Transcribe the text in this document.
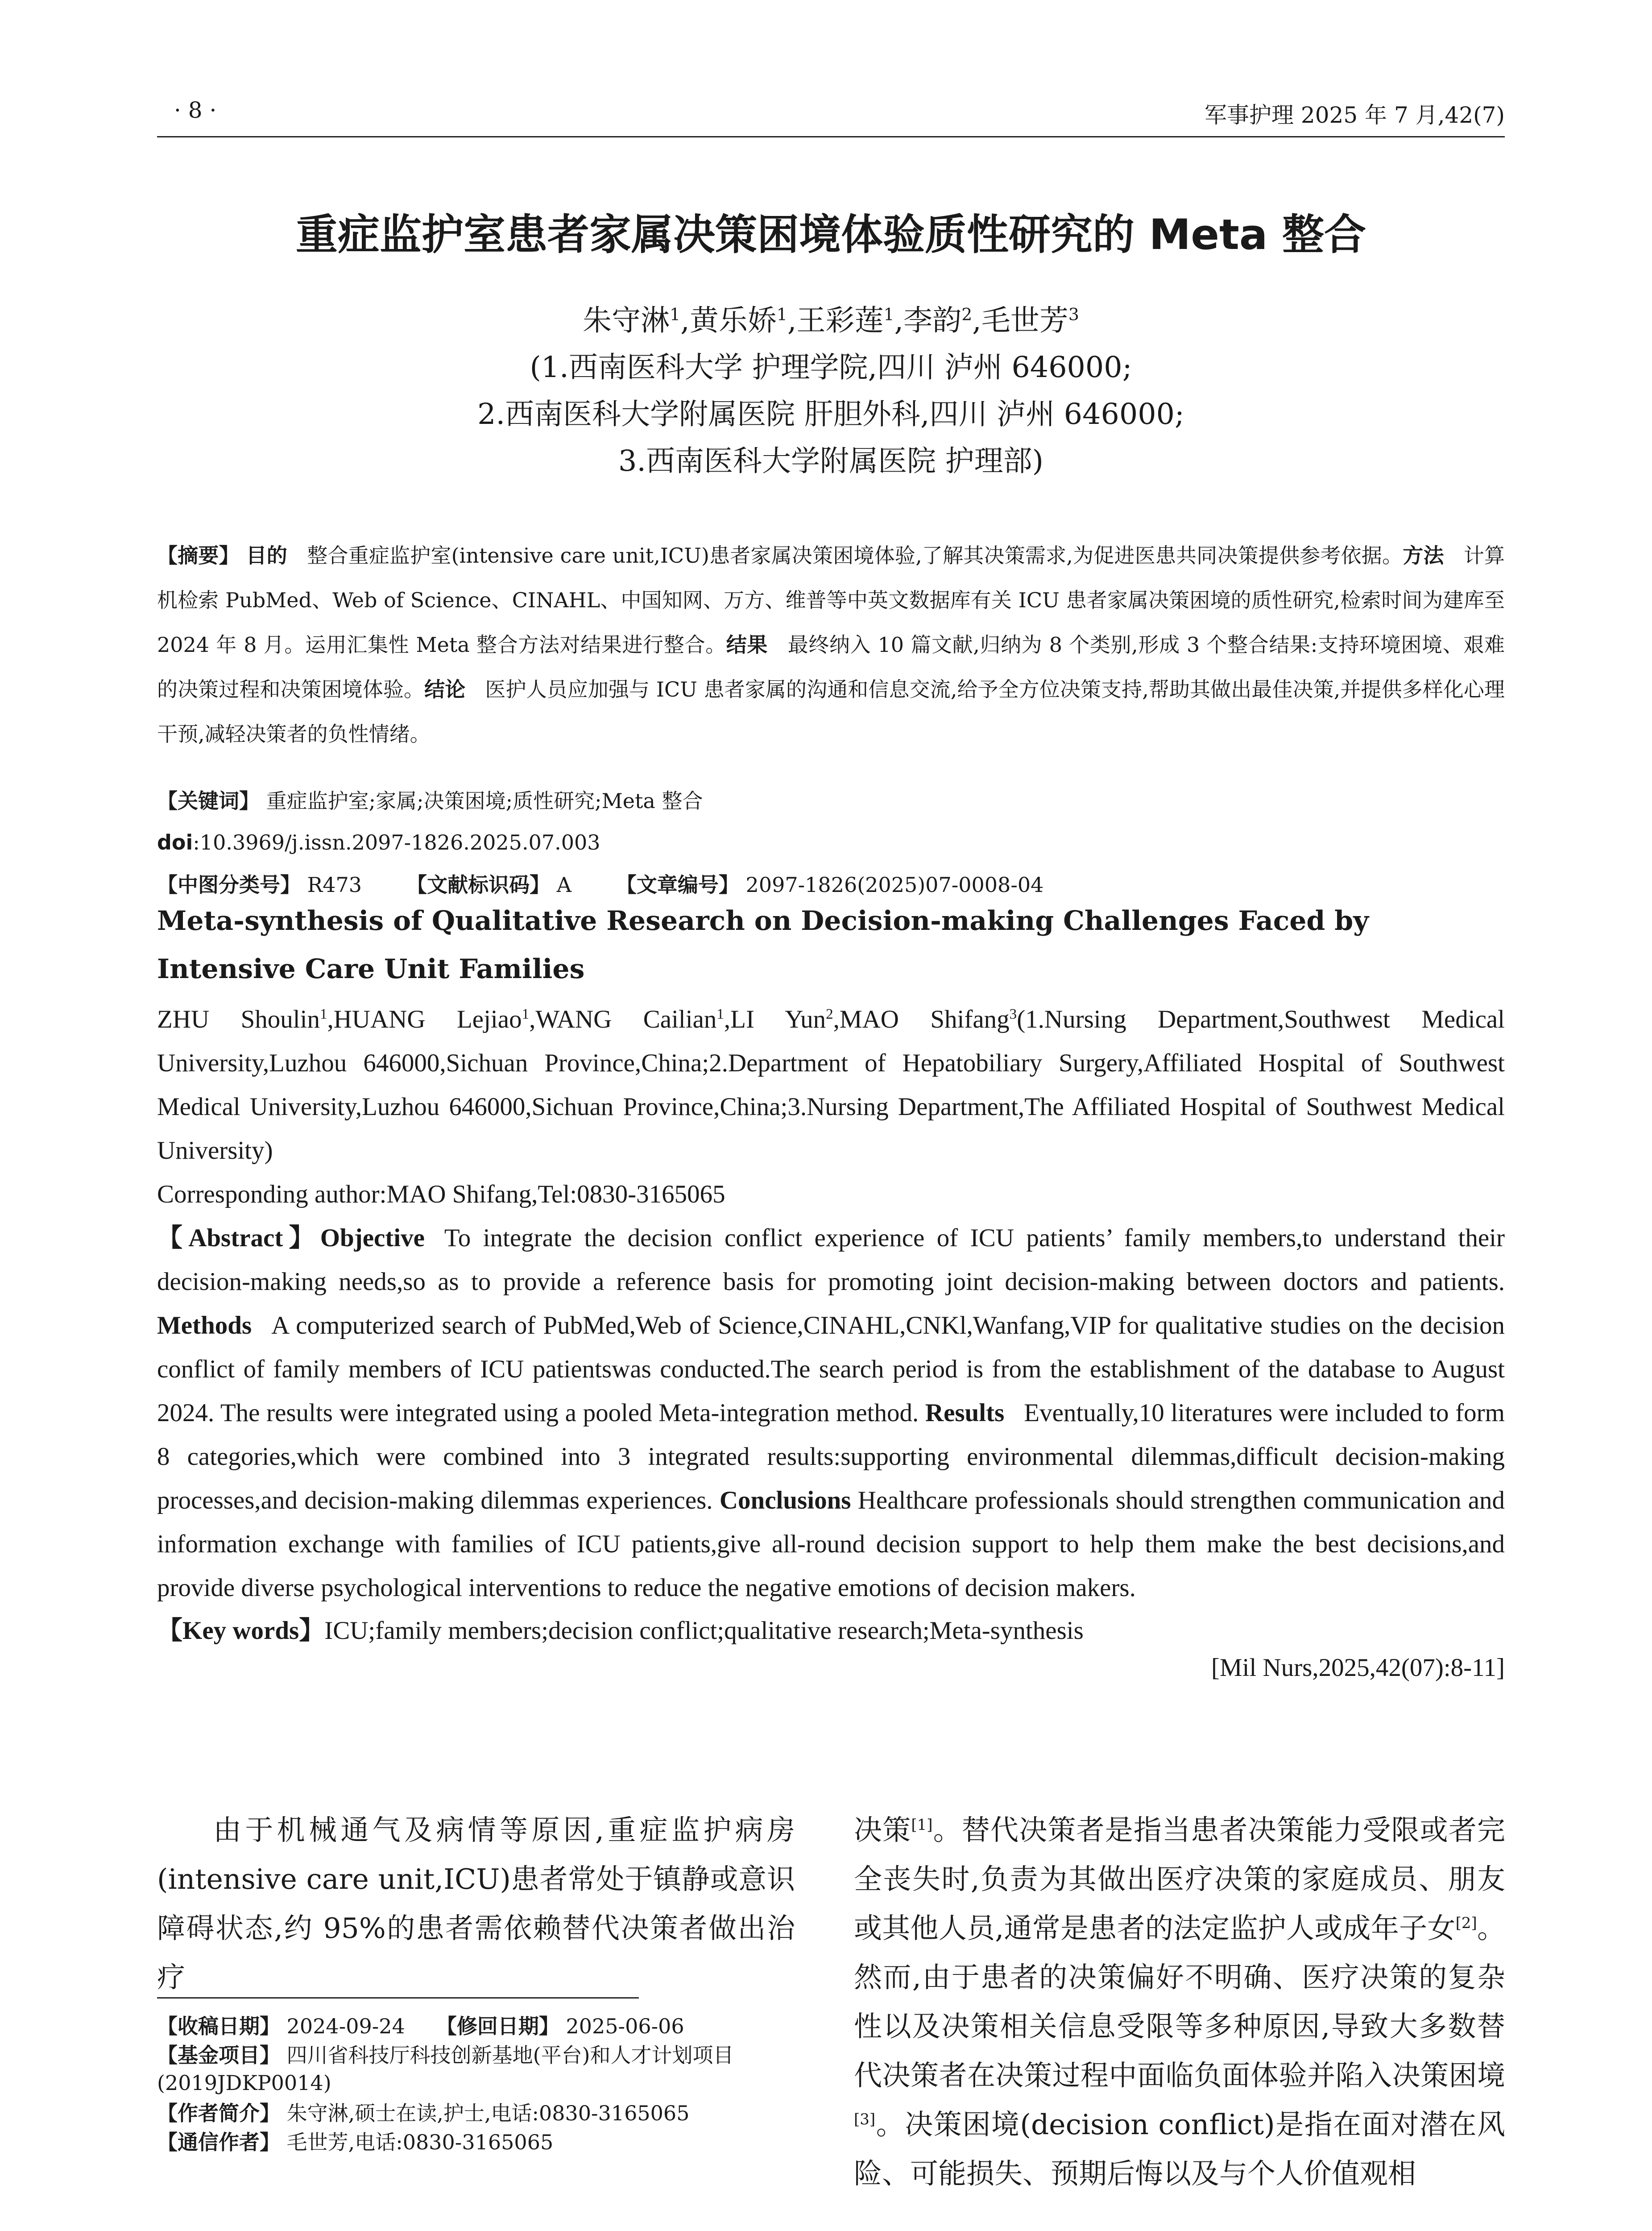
· 8 ·	军事护理 2025 年 7 月,42(7)
重症监护室患者家属决策困境体验质性研究的 Meta 整合
朱守淋$^1$,黄乐娇$^1$,王彩莲$^1$,李韵$^2$,毛世芳$^3$
(1.西南医科大学 护理学院,四川 泸州 646000;
2.西南医科大学附属医院 肝胆外科,四川 泸州 646000;
3.西南医科大学附属医院 护理部)

【摘要】 目的 整合重症监护室(intensive care unit,ICU)患者家属决策困境体验,了解其决策需求,为促进医患共同决策提供参考依据。方法 计算机检索 PubMed、Web of Science、CINAHL、中国知网、万方、维普等中英文数据库有关 ICU 患者家属决策困境的质性研究,检索时间为建库至 2024 年 8 月。运用汇集性 Meta 整合方法对结果进行整合。结果 最终纳入 10 篇文献,归纳为 8 个类别,形成 3 个整合结果:支持环境困境、艰难的决策过程和决策困境体验。结论 医护人员应加强与 ICU 患者家属的沟通和信息交流,给予全方位决策支持,帮助其做出最佳决策,并提供多样化心理干预,减轻决策者的负性情绪。

【关键词】 重症监护室;家属;决策困境;质性研究;Meta 整合

doi:10.3969/j.issn.2097-1826.2025.07.003

【中图分类号】 R473 【文献标识码】 A 【文章编号】 2097-1826(2025)07-0008-04

Meta-synthesis of Qualitative Research on Decision-making Challenges Faced by Intensive Care Unit Families

ZHU Shoulin$^1$,HUANG Lejiao$^1$,WANG Cailian$^1$,LI Yun$^2$,MAO Shifang$^3$(1.Nursing Department,Southwest Medical University,Luzhou 646000,Sichuan Province,China;2.Department of Hepatobiliary Surgery,Affiliated Hospital of Southwest Medical University,Luzhou 646000,Sichuan Province,China;3.Nursing Department,The Affiliated Hospital of Southwest Medical University)

Corresponding author:MAO Shifang,Tel:0830-3165065

【Abstract】Objective To integrate the decision conflict experience of ICU patients’ family members,to understand their decision-making needs,so as to provide a reference basis for promoting joint decision-making between doctors and patients. Methods A computerized search of PubMed,Web of Science,CINAHL,CNKl,Wanfang,VIP for qualitative studies on the decision conflict of family members of ICU patientswas conducted.The search period is from the establishment of the database to August 2024. The results were integrated using a pooled Meta-integration method. Results Eventually,10 literatures were included to form 8 categories,which were combined into 3 integrated results:supporting environmental dilemmas,difficult decision-making processes,and decision-making dilemmas experiences. Conclusions Healthcare professionals should strengthen communication and information exchange with families of ICU patients,give all-round decision support to help them make the best decisions,and provide diverse psychological interventions to reduce the negative emotions of decision makers.

【Key words】ICU;family members;decision conflict;qualitative research;Meta-synthesis

[Mil Nurs,2025,42(07):8-11]

由于机械通气及病情等原因,重症监护病房(intensive care unit,ICU)患者常处于镇静或意识障碍状态,约 95%的患者需依赖替代决策者做出治疗

决策[1]。替代决策者是指当患者决策能力受限或者完全丧失时,负责为其做出医疗决策的家庭成员、朋友或其他人员,通常是患者的法定监护人或成年子女[2]。然而,由于患者的决策偏好不明确、医疗决策的复杂性以及决策相关信息受限等多种原因,导致大多数替代决策者在决策过程中面临负面体验并陷入决策困境[3]。决策困境(decision conflict)是指在面对潜在风险、可能损失、预期后悔以及与个人价值观相

【收稿日期】 2024-09-24 【修回日期】 2025-06-06

【基金项目】 四川省科技厅科技创新基地(平台)和人才计划项目(2019JDKP0014)

【作者简介】 朱守淋,硕士在读,护士,电话:0830-3165065

【通信作者】 毛世芳,电话:0830-3165065
